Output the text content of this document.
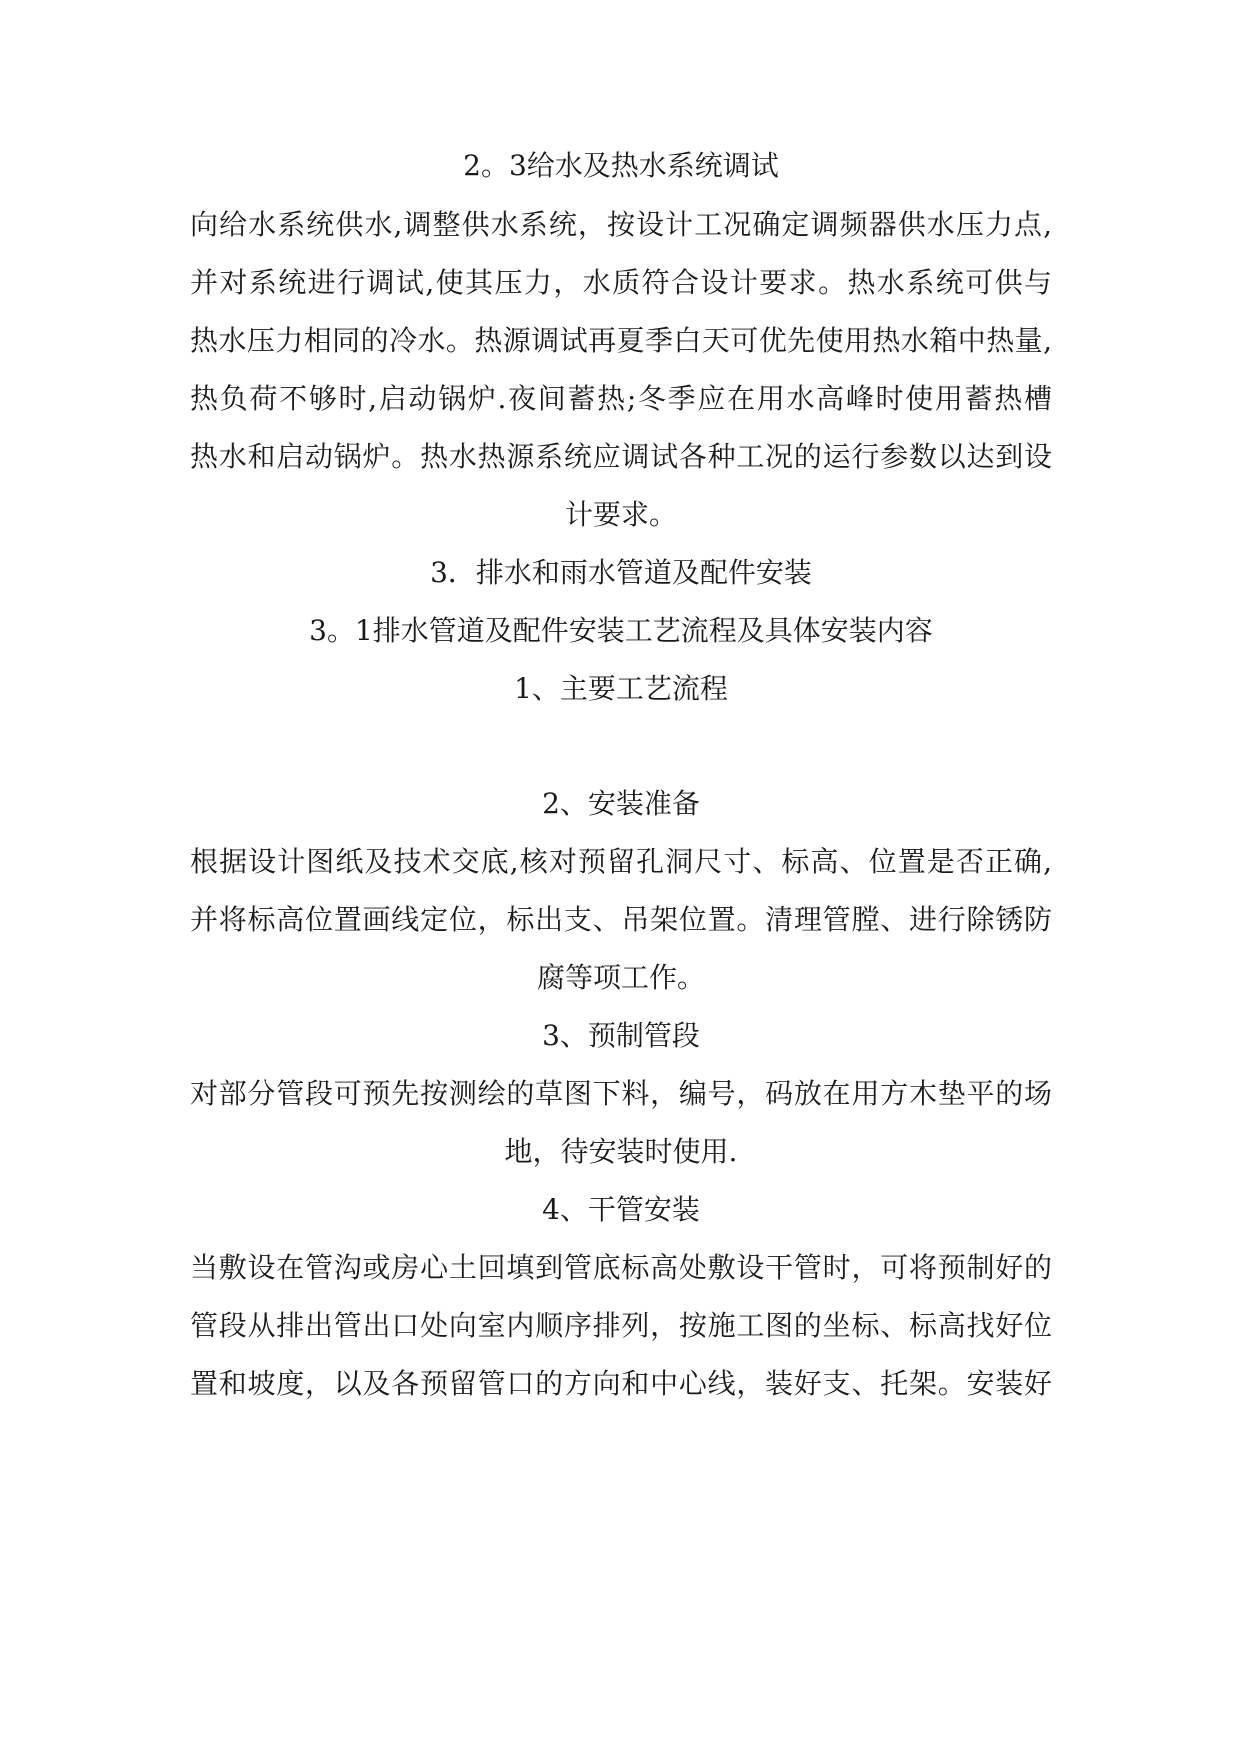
2。3给水及热水系统调试
向给水系统供水,调整供水系统，按设计工况确定调频器供水压力点,
并对系统进行调试,使其压力，水质符合设计要求。热水系统可供与
热水压力相同的冷水。热源调试再夏季白天可优先使用热水箱中热量,
热负荷不够时,启动锅炉.夜间蓄热;冬季应在用水高峰时使用蓄热槽
热水和启动锅炉。热水热源系统应调试各种工况的运行参数以达到设
计要求。
3．排水和雨水管道及配件安装
3。1排水管道及配件安装工艺流程及具体安装内容
1、主要工艺流程
2、安装准备
根据设计图纸及技术交底,核对预留孔洞尺寸、标高、位置是否正确,
并将标高位置画线定位，标出支、吊架位置。清理管膛、进行除锈防
腐等项工作。
3、预制管段
对部分管段可预先按测绘的草图下料，编号，码放在用方木垫平的场
地，待安装时使用.
4、干管安装
当敷设在管沟或房心土回填到管底标高处敷设干管时，可将预制好的
管段从排出管出口处向室内顺序排列，按施工图的坐标、标高找好位
置和坡度，以及各预留管口的方向和中心线，装好支、托架。安装好
